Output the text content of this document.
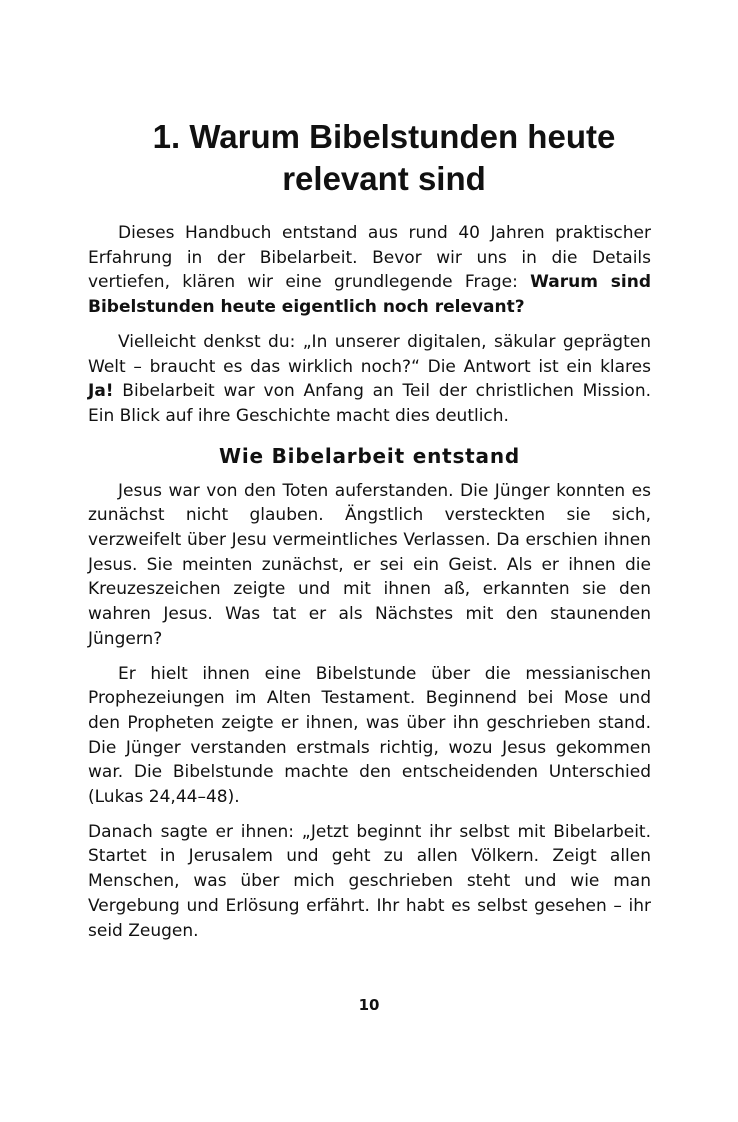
1. Warum Bibelstunden heute
relevant sind

Dieses Handbuch entstand aus rund 40 Jahren praktischer Erfahrung in der Bibelarbeit. Bevor wir uns in die Details vertiefen, klären wir eine grundlegende Frage: Warum sind Bibelstunden heute eigentlich noch relevant?

Vielleicht denkst du: „In unserer digitalen, säkular geprägten Welt – braucht es das wirklich noch?“ Die Antwort ist ein klares Ja! Bibelarbeit war von Anfang an Teil der christlichen Mission. Ein Blick auf ihre Geschichte macht dies deutlich.

Wie Bibelarbeit entstand

Jesus war von den Toten auferstanden. Die Jünger konnten es zunächst nicht glauben. Ängstlich versteckten sie sich, verzweifelt über Jesu vermeintliches Verlassen. Da erschien ihnen Jesus. Sie meinten zunächst, er sei ein Geist. Als er ihnen die Kreuzeszeichen zeigte und mit ihnen aß, erkannten sie den wahren Jesus. Was tat er als Nächstes mit den staunenden Jüngern?

Er hielt ihnen eine Bibelstunde über die messianischen Prophezeiungen im Alten Testament. Beginnend bei Mose und den Propheten zeigte er ihnen, was über ihn geschrieben stand. Die Jünger verstanden erstmals richtig, wozu Jesus gekommen war. Die Bibelstunde machte den entscheidenden Unterschied (Lukas 24,44–48).

Danach sagte er ihnen: „Jetzt beginnt ihr selbst mit Bibelarbeit. Startet in Jerusalem und geht zu allen Völkern. Zeigt allen Menschen, was über mich geschrieben steht und wie man Vergebung und Erlösung erfährt. Ihr habt es selbst gesehen – ihr seid Zeugen.

10
